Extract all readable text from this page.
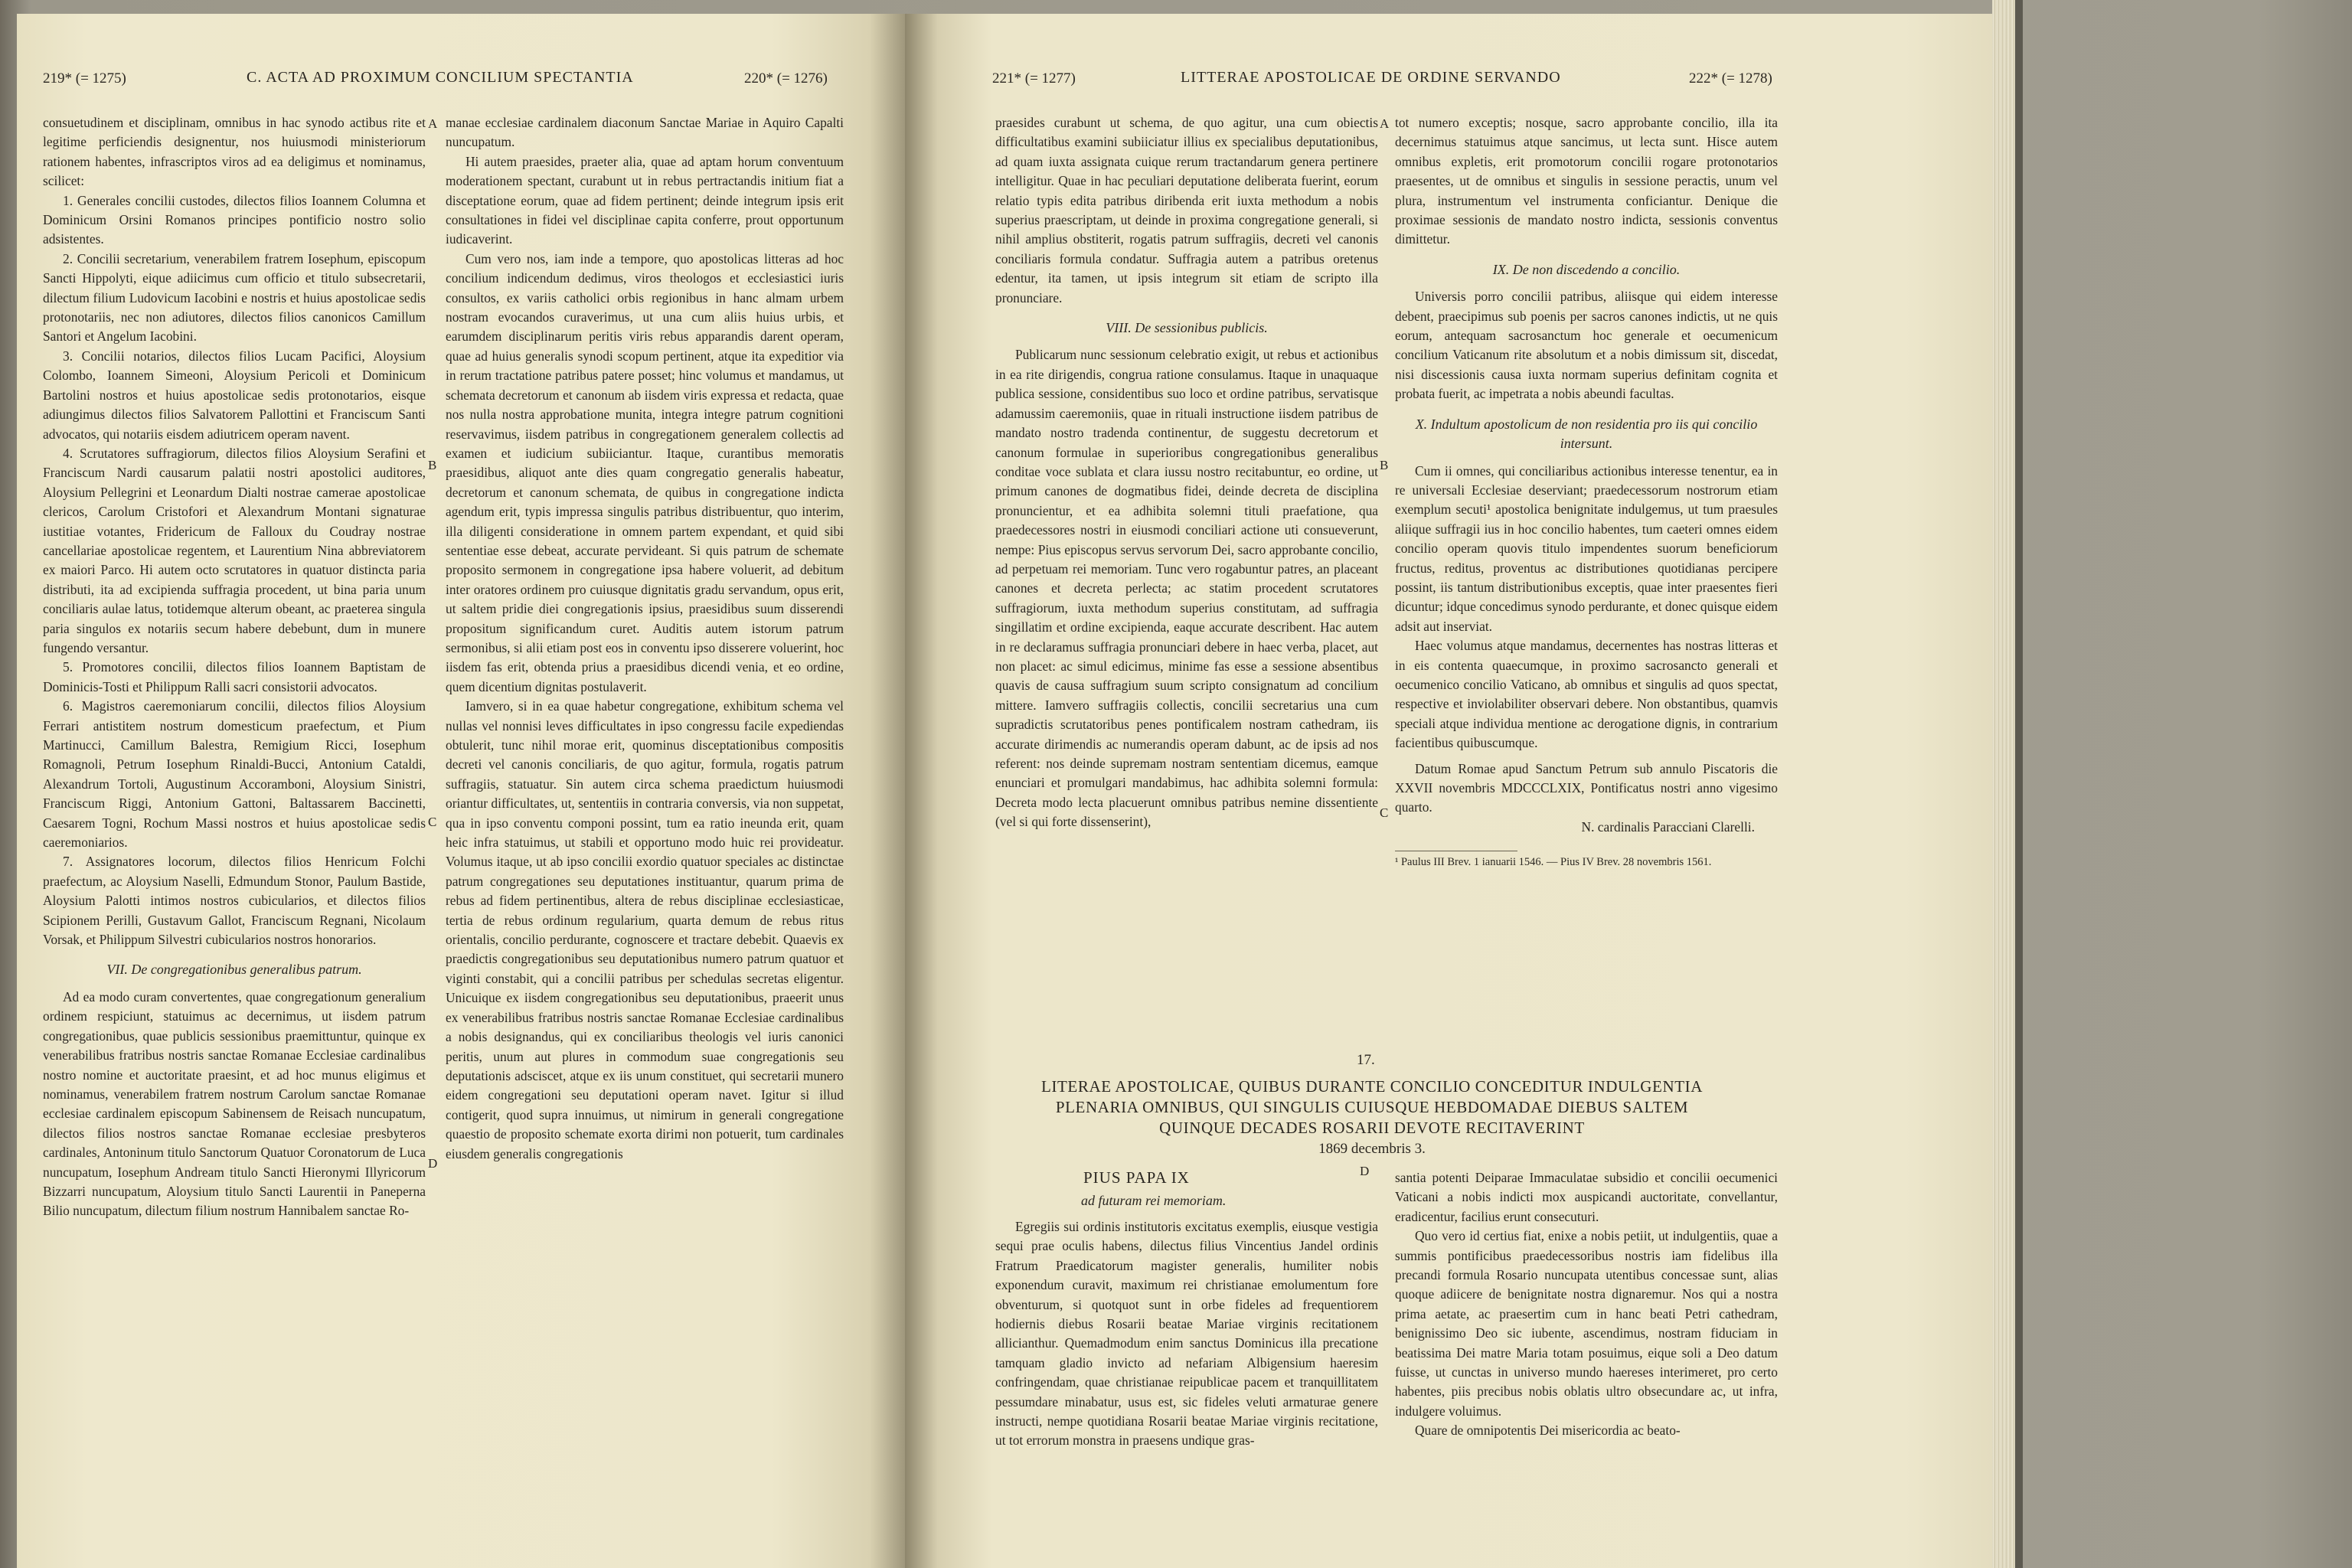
219* (= 1275)	C. ACTA AD PROXIMUM CONCILIUM SPECTANTIA	220* (= 1276)

consuetudinem et disciplinam, omnibus in hac synodo actibus rite et legitime perficiendis designentur, nos huiusmodi ministeriorum rationem habentes, infrascriptos viros ad ea deligimus et nominamus, scilicet:

1. Generales concilii custodes, dilectos filios Ioannem Columna et Dominicum Orsini Romanos principes pontificio nostro solio adsistentes.

2. Concilii secretarium, venerabilem fratrem Iosephum, episcopum Sancti Hippolyti, eique adiicimus cum officio et titulo subsecretarii, dilectum filium Ludovicum Iacobini e nostris et huius apostolicae sedis protonotariis, nec non adiutores, dilectos filios canonicos Camillum Santori et Angelum Iacobini.

3. Concilii notarios, dilectos filios Lucam Pacifici, Aloysium Colombo, Ioannem Simeoni, Aloysium Pericoli et Dominicum Bartolini nostros et huius apostolicae sedis protonotarios, eisque adiungimus dilectos filios Salvatorem Pallottini et Franciscum Santi advocatos, qui notariis eisdem adiutricem operam navent.

4. Scrutatores suffragiorum, dilectos filios Aloysium Serafini et Franciscum Nardi causarum palatii nostri apostolici auditores, Aloysium Pellegrini et Leonardum Dialti nostrae camerae apostolicae clericos, Carolum Cristofori et Alexandrum Montani signaturae iustitiae votantes, Fridericum de Falloux du Coudray nostrae cancellariae apostolicae regentem, et Laurentium Nina abbreviatorem ex maiori Parco. Hi autem octo scrutatores in quatuor distincta paria distributi, ita ad excipienda suffragia procedent, ut bina paria unum conciliaris aulae latus, totidemque alterum obeant, ac praeterea singula paria singulos ex notariis secum habere debebunt, dum in munere fungendo versantur.

5. Promotores concilii, dilectos filios Ioannem Baptistam de Dominicis-Tosti et Philippum Ralli sacri consistorii advocatos.

6. Magistros caeremoniarum concilii, dilectos filios Aloysium Ferrari antistitem nostrum domesticum praefectum, et Pium Martinucci, Camillum Balestra, Remigium Ricci, Iosephum Romagnoli, Petrum Iosephum Rinaldi-Bucci, Antonium Cataldi, Alexandrum Tortoli, Augustinum Accoramboni, Aloysium Sinistri, Franciscum Riggi, Antonium Gattoni, Baltassarem Baccinetti, Caesarem Togni, Rochum Massi nostros et huius apostolicae sedis caeremoniarios.

7. Assignatores locorum, dilectos filios Henricum Folchi praefectum, ac Aloysium Naselli, Edmundum Stonor, Paulum Bastide, Aloysium Palotti intimos nostros cubicularios, et dilectos filios Scipionem Perilli, Gustavum Gallot, Franciscum Regnani, Nicolaum Vorsak, et Philippum Silvestri cubicularios nostros honorarios.

VII. De congregationibus generalibus patrum.

Ad ea modo curam convertentes, quae congregationum generalium ordinem respiciunt, statuimus ac decernimus, ut iisdem patrum congregationibus, quae publicis sessionibus praemittuntur, quinque ex venerabilibus fratribus nostris sanctae Romanae Ecclesiae cardinalibus nostro nomine et auctoritate praesint, et ad hoc munus eligimus et nominamus, venerabilem fratrem nostrum Carolum sanctae Romanae ecclesiae cardinalem episcopum Sabinensem de Reisach nuncupatum, dilectos filios nostros sanctae Romanae ecclesiae presbyteros cardinales, Antoninum titulo Sanctorum Quatuor Coronatorum de Luca nuncupatum, Iosephum Andream titulo Sancti Hieronymi Illyricorum Bizzarri nuncupatum, Aloysium titulo Sancti Laurentii in Panepernа Bilio nuncupatum, dilectum filium nostrum Hannibalem sanctae Ro-

A
B
C
D

manae ecclesiae cardinalem diaconum Sanctae Mariae in Aquiro Capalti nuncupatum.

Hi autem praesides, praeter alia, quae ad aptam horum conventuum moderationem spectant, curabunt ut in rebus pertractandis initium fiat a disceptatione eorum, quae ad fidem pertinent; deinde integrum ipsis erit consultationes in fidei vel disciplinae capita conferre, prout opportunum iudicaverint.

Cum vero nos, iam inde a tempore, quo apostolicas litteras ad hoc concilium indicendum dedimus, viros theologos et ecclesiastici iuris consultos, ex variis catholici orbis regionibus in hanc almam urbem nostram evocandos curaverimus, ut una cum aliis huius urbis, et earumdem disciplinarum peritis viris rebus apparandis darent operam, quae ad huius generalis synodi scopum pertinent, atque ita expeditior via in rerum tractatione patribus patere posset; hinc volumus et mandamus, ut schemata decretorum et canonum ab iisdem viris expressa et redacta, quae nos nulla nostra approbatione munita, integra integre patrum cognitioni reservavimus, iisdem patribus in congregationem generalem collectis ad examen et iudicium subiiciantur. Itaque, curantibus memoratis praesidibus, aliquot ante dies quam congregatio generalis habeatur, decretorum et canonum schemata, de quibus in congregatione indicta agendum erit, typis impressa singulis patribus distribuentur, quo interim, illa diligenti consideratione in omnem partem expendant, et quid sibi sententiae esse debeat, accurate pervideant. Si quis patrum de schemate proposito sermonem in congregatione ipsa habere voluerit, ad debitum inter oratores ordinem pro cuiusque dignitatis gradu servandum, opus erit, ut saltem pridie diei congregationis ipsius, praesidibus suum disserendi propositum significandum curet. Auditis autem istorum patrum sermonibus, si alii etiam post eos in conventu ipso disserere voluerint, hoc iisdem fas erit, obtenda prius a praesidibus dicendi venia, et eo ordine, quem dicentium dignitas postulaverit.

Iamvero, si in ea quae habetur congregatione, exhibitum schema vel nullas vel nonnisi leves difficultates in ipso congressu facile expediendas obtulerit, tunc nihil morae erit, quominus disceptationibus compositis decreti vel canonis conciliaris, de quo agitur, formula, rogatis patrum suffragiis, statuatur. Sin autem circa schema praedictum huiusmodi oriantur difficultates, ut, sententiis in contraria conversis, via non suppetat, qua in ipso conventu componi possint, tum ea ratio ineunda erit, quam heic infra statuimus, ut stabili et opportuno modo huic rei provideatur. Volumus itaque, ut ab ipso concilii exordio quatuor speciales ac distinctae patrum congregationes seu deputationes instituantur, quarum prima de rebus ad fidem pertinentibus, altera de rebus disciplinae ecclesiasticae, tertia de rebus ordinum regularium, quarta demum de rebus ritus orientalis, concilio perdurante, cognoscere et tractare debebit. Quaevis ex praedictis congregationibus seu deputationibus numero patrum quatuor et viginti constabit, qui a concilii patribus per schedulas secretas eligentur. Unicuique ex iisdem congregationibus seu deputationibus, praeerit unus ex venerabilibus fratribus nostris sanctae Romanae Ecclesiae cardinalibus a nobis designandus, qui ex conciliaribus theologis vel iuris canonici peritis, unum aut plures in commodum suae congregationis seu deputationis adsciscet, atque ex iis unum constituet, qui secretarii munero eidem congregationi seu deputationi operam navet. Igitur si illud contigerit, quod supra innuimus, ut nimirum in generali congregatione quaestio de proposito schemate exorta dirimi non potuerit, tum cardinales eiusdem generalis congregationis

221* (= 1277)	LITTERAE APOSTOLICAE DE ORDINE SERVANDO	222* (= 1278)

praesides curabunt ut schema, de quo agitur, una cum obiectis difficultatibus examini subiiciatur illius ex specialibus deputationibus, ad quam iuxta assignata cuique rerum tractandarum genera pertinere intelligitur. Quae in hac peculiari deputatione deliberata fuerint, eorum relatio typis edita patribus diribenda erit iuxta methodum a nobis superius praescriptam, ut deinde in proxima congregatione generali, si nihil amplius obstiterit, rogatis patrum suffragiis, decreti vel canonis conciliaris formula condatur. Suffragia autem a patribus oretenus edentur, ita tamen, ut ipsis integrum sit etiam de scripto illa pronunciare.

VIII. De sessionibus publicis.

Publicarum nunc sessionum celebratio exigit, ut rebus et actionibus in ea rite dirigendis, congrua ratione consulamus. Itaque in unaquaque publica sessione, considentibus suo loco et ordine patribus, servatisque adamussim caeremoniis, quae in rituali instructione iisdem patribus de mandato nostro tradenda continentur, de suggestu decretorum et canonum formulae in superioribus congregationibus generalibus conditae voce sublata et clara iussu nostro recitabuntur, eo ordine, ut primum canones de dogmatibus fidei, deinde decreta de disciplina pronuncientur, et ea adhibita solemni tituli praefatione, qua praedecessores nostri in eiusmodi conciliari actione uti consueverunt, nempe: Pius episcopus servus servorum Dei, sacro approbante concilio, ad perpetuam rei memoriam. Tunc vero rogabuntur patres, an placeant canones et decreta perlecta; ac statim procedent scrutatores suffragiorum, iuxta methodum superius constitutam, ad suffragia singillatim et ordine excipienda, eaque accurate describent. Hac autem in re declaramus suffragia pronunciari debere in haec verba, placet, aut non placet: ac simul edicimus, minime fas esse a sessione absentibus quavis de causa suffragium suum scripto consignatum ad concilium mittere. Iamvero suffragiis collectis, concilii secretarius una cum supradictis scrutatoribus penes pontificalem nostram cathedram, iis accurate dirimendis ac numerandis operam dabunt, ac de ipsis ad nos referent: nos deinde supremam nostram sententiam dicemus, eamque enunciari et promulgari mandabimus, hac adhibita solemni formula: Decreta modo lecta placuerunt omnibus patribus nemine dissentiente (vel si qui forte dissenserint),

A
B
C
D

tot numero exceptis; nosque, sacro approbante concilio, illa ita decernimus statuimus atque sancimus, ut lecta sunt. Hisce autem omnibus expletis, erit promotorum concilii rogare protonotarios praesentes, ut de omnibus et singulis in sessione peractis, unum vel plura, instrumentum vel instrumenta conficiantur. Denique die proximae sessionis de mandato nostro indicta, sessionis conventus dimittetur.

IX. De non discedendo a concilio.

Universis porro concilii patribus, aliisque qui eidem interesse debent, praecipimus sub poenis per sacros canones indictis, ut ne quis eorum, antequam sacrosanctum hoc generale et oecumenicum concilium Vaticanum rite absolutum et a nobis dimissum sit, discedat, nisi discessionis causa iuxta normam superius definitam cognita et probata fuerit, ac impetrata a nobis abeundi facultas.

X. Indultum apostolicum de non residentia pro iis qui concilio intersunt.

Cum ii omnes, qui conciliaribus actionibus interesse tenentur, ea in re universali Ecclesiae deserviant; praedecessorum nostrorum etiam exemplum secuti¹ apostolica benignitate indulgemus, ut tum praesules aliique suffragii ius in hoc concilio habentes, tum caeteri omnes eidem concilio operam quovis titulo impendentes suorum beneficiorum fructus, reditus, proventus ac distributiones quotidianas percipere possint, iis tantum distributionibus exceptis, quae inter praesentes fieri dicuntur; idque concedimus synodo perdurante, et donec quisque eidem adsit aut inserviat.

Haec volumus atque mandamus, decernentes has nostras litteras et in eis contenta quaecumque, in proximo sacrosancto generali et oecumenico concilio Vaticano, ab omnibus et singulis ad quos spectat, respective et inviolabiliter observari debere. Non obstantibus, quamvis speciali atque individua mentione ac derogatione dignis, in contrarium facientibus quibuscumque.

Datum Romae apud Sanctum Petrum sub annulo Piscatoris die XXVII novembris MDCCCLXIX, Pontificatus nostri anno vigesimo quarto.

N. cardinalis Paracciani Clarelli.

¹ Paulus III Brev. 1 ianuarii 1546. — Pius IV Brev. 28 novembris 1561.

17.
LITERAE APOSTOLICAE, QUIBUS DURANTE CONCILIO CONCEDITUR INDULGENTIA PLENARIA OMNIBUS, QUI SINGULIS CUIUSQUE HEBDOMADAE DIEBUS SALTEM QUINQUE DECADES ROSARII DEVOTE RECITAVERINT
1869 decembris 3.
PIUS PAPA IX
ad futuram rei memoriam.

Egregiis sui ordinis institutoris excitatus exemplis, eiusque vestigia sequi prae oculis habens, dilectus filius Vincentius Jandel ordinis Fratrum Praedicatorum magister generalis, humiliter nobis exponendum curavit, maximum rei christianae emolumentum fore obventurum, si quotquot sunt in orbe fideles ad frequentiorem hodiernis diebus Rosarii beatae Mariae virginis recitationem allicianthur. Quemadmodum enim sanctus Dominicus illa precatione tamquam gladio invicto ad nefariam Albigensium haeresim confringendam, quae christianae reipublicae pacem et tranquillitatem pessumdare minabatur, usus est, sic fideles veluti armaturae genere instructi, nempe quotidiana Rosarii beatae Mariae virginis recitatione, ut tot errorum monstra in praesens undique gras-

santia potenti Deiparae Immaculatae subsidio et concilii oecumenici Vaticani a nobis indicti mox auspicandi auctoritate, convellantur, eradicentur, facilius erunt consecuturi.

Quo vero id certius fiat, enixe a nobis petiit, ut indulgentiis, quae a summis pontificibus praedecessoribus nostris iam fidelibus illa precandi formula Rosario nuncupata utentibus concessae sunt, alias quoque adiicere de benignitate nostra dignaremur. Nos qui a nostra prima aetate, ac praesertim cum in hanc beati Petri cathedram, benignissimo Deo sic iubente, ascendimus, nostram fiduciam in beatissima Dei matre Maria totam posuimus, eique soli a Deo datum fuisse, ut cunctas in universo mundo haereses interimeret, pro certo habentes, piis precibus nobis oblatis ultro obsecundare ac, ut infra, indulgere voluimus.

Quare de omnipotentis Dei misericordia ac beato-
